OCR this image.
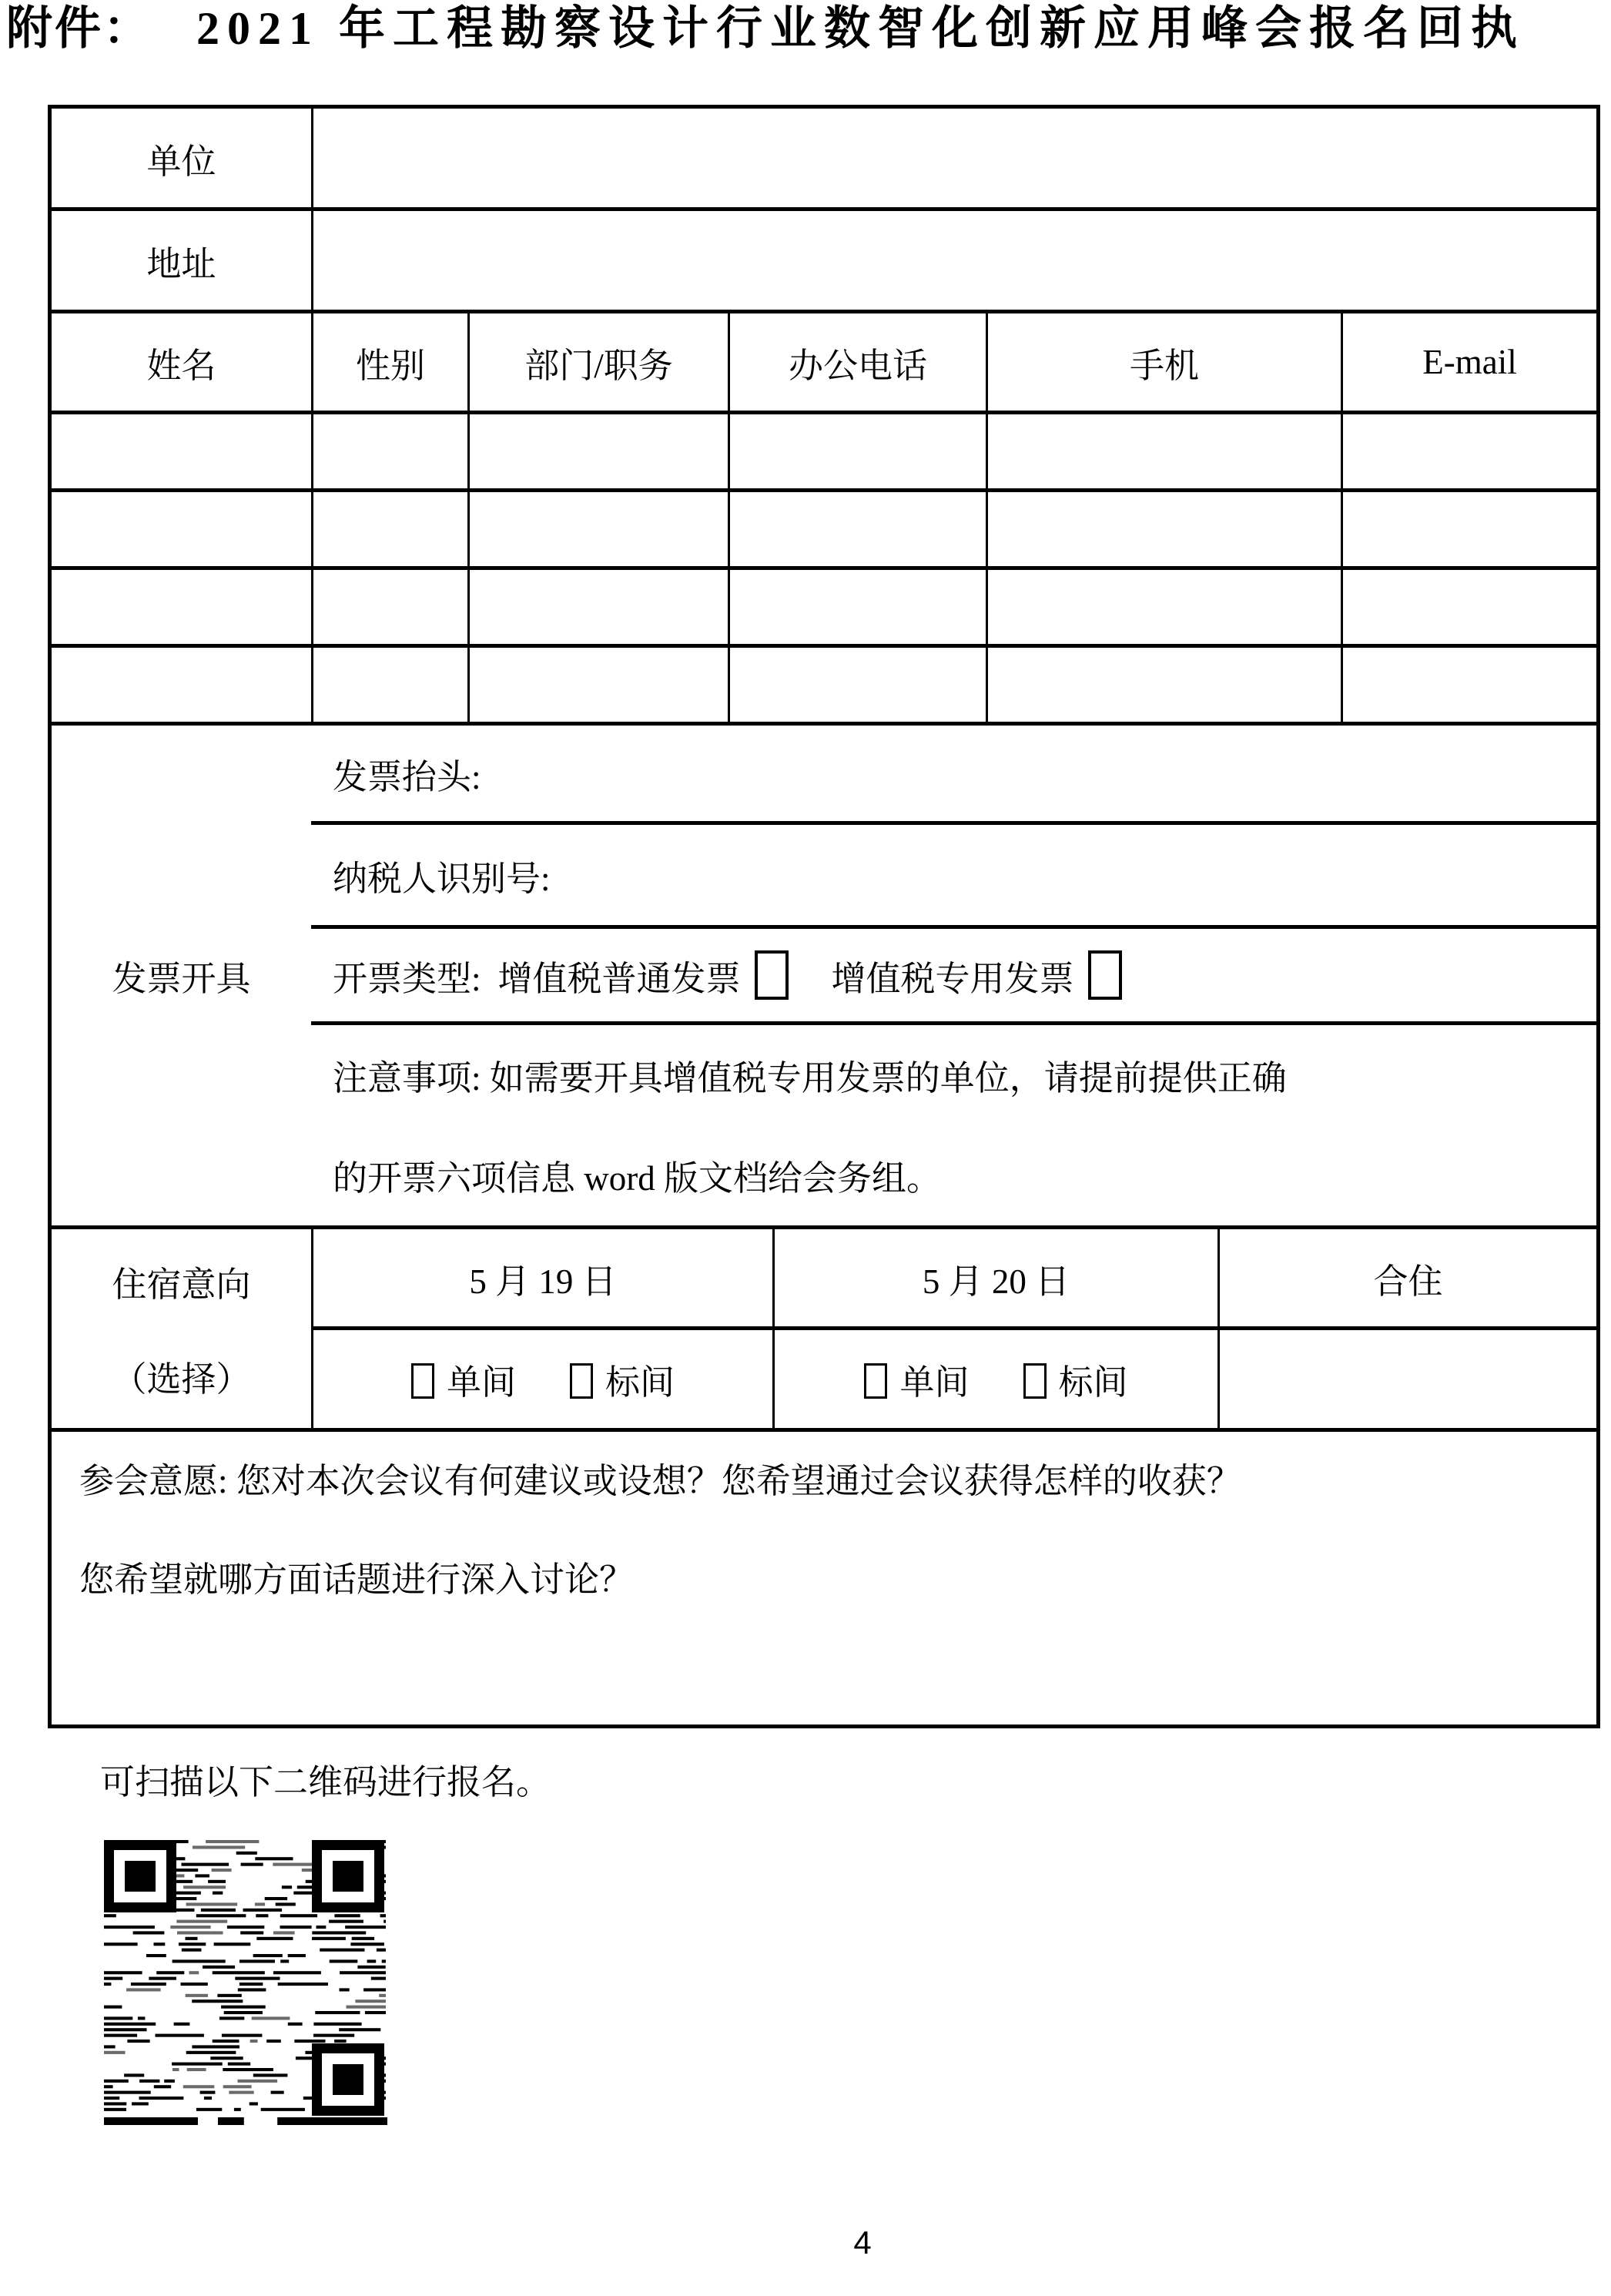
附件： 2021 年工程勘察设计行业数智化创新应用峰会报名回执
单位
地址
姓名	性别	部门/职务	办公电话	手机	E-mail
发票开具
发票抬头:
纳税人识别号:
开票类型: 增值税普通发票	增值税专用发票
注意事项: 如需要开具增值税专用发票的单位，请提前提供正确
的开票六项信息 word 版文档给会务组。
住宿意向
（选择）
5 月 19 日	5 月 20 日	合住
单间	标间	单间	标间
参会意愿: 您对本次会议有何建议或设想？您希望通过会议获得怎样的收获？
您希望就哪方面话题进行深入讨论？
可扫描以下二维码进行报名。
4
